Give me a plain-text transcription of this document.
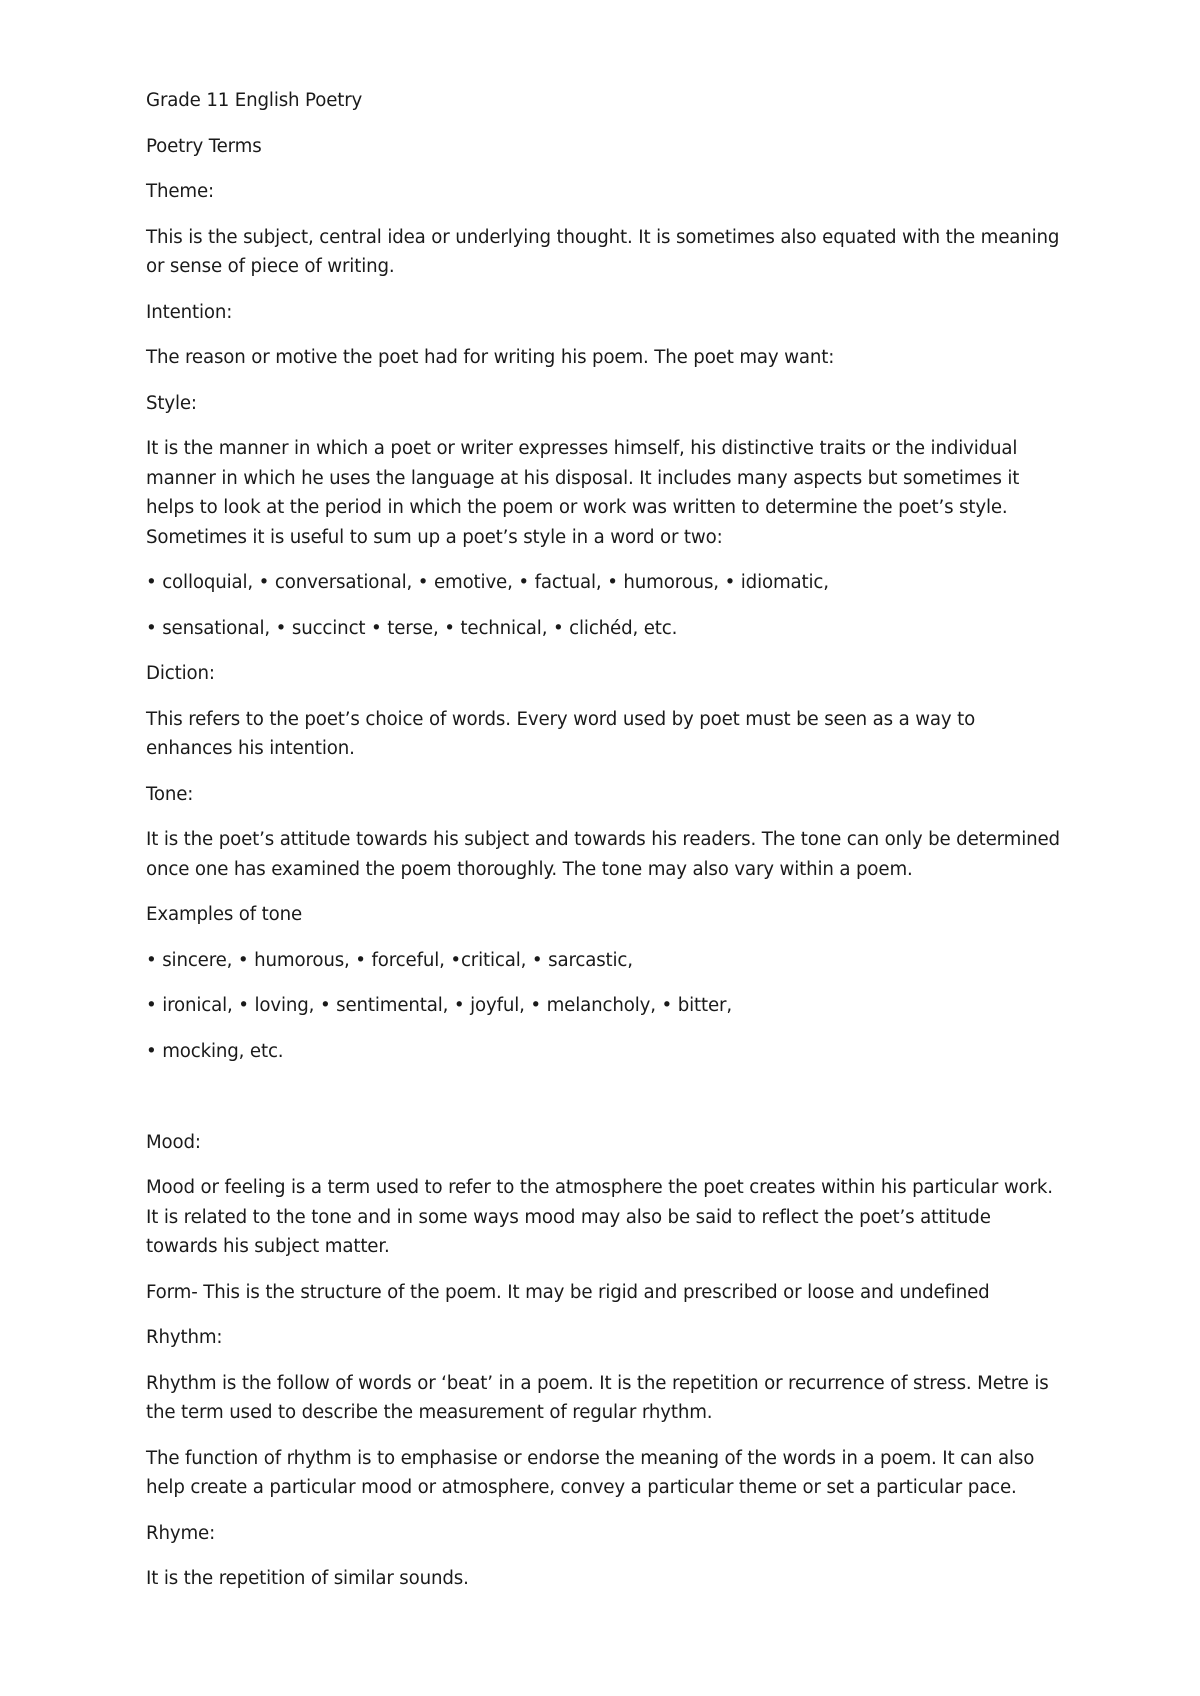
Grade 11 English Poetry

Poetry Terms

Theme:

This is the subject, central idea or underlying thought. It is sometimes also equated with the meaning or sense of piece of writing.

Intention:

The reason or motive the poet had for writing his poem. The poet may want:

Style:

It is the manner in which a poet or writer expresses himself, his distinctive traits or the individual manner in which he uses the language at his disposal. It includes many aspects but sometimes it helps to look at the period in which the poem or work was written to determine the poet’s style. Sometimes it is useful to sum up a poet’s style in a word or two:

• colloquial, • conversational, • emotive, • factual, • humorous, • idiomatic,

• sensational, • succinct • terse, • technical, • clichéd, etc.

Diction:

This refers to the poet’s choice of words. Every word used by poet must be seen as a way to enhances his intention.

Tone:

It is the poet’s attitude towards his subject and towards his readers. The tone can only be determined once one has examined the poem thoroughly. The tone may also vary within a poem.

Examples of tone

• sincere, • humorous, • forceful, •critical, • sarcastic,

• ironical, • loving, • sentimental, • joyful, • melancholy, • bitter,

• mocking, etc.

Mood:

Mood or feeling is a term used to refer to the atmosphere the poet creates within his particular work. It is related to the tone and in some ways mood may also be said to reflect the poet’s attitude towards his subject matter.

Form- This is the structure of the poem. It may be rigid and prescribed or loose and undefined

Rhythm:

Rhythm is the follow of words or ‘beat’ in a poem. It is the repetition or recurrence of stress. Metre is the term used to describe the measurement of regular rhythm.

The function of rhythm is to emphasise or endorse the meaning of the words in a poem. It can also help create a particular mood or atmosphere, convey a particular theme or set a particular pace.

Rhyme:

It is the repetition of similar sounds.
